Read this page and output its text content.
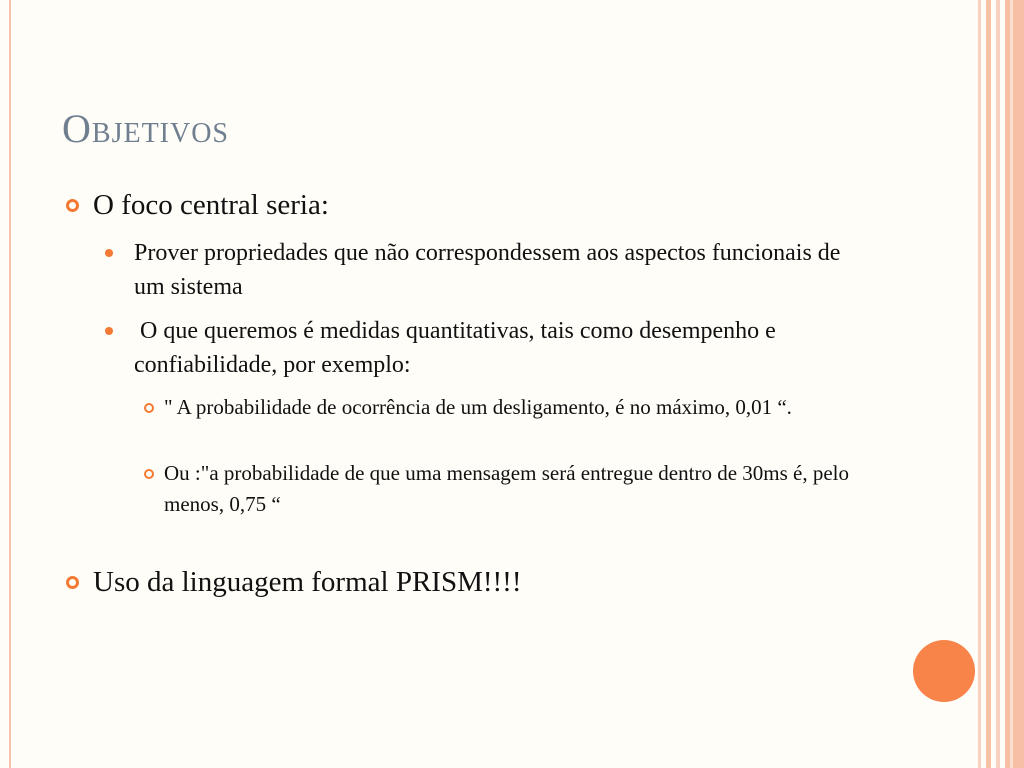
Objetivos
O foco central seria:
Prover propriedades que não correspondessem aos aspectos funcionais de um sistema
O que queremos é medidas quantitativas, tais como desempenho e confiabilidade, por exemplo:
" A probabilidade de ocorrência de um desligamento, é no máximo, 0,01 “.
Ou :"a probabilidade de que uma mensagem será entregue dentro de 30ms é, pelo menos, 0,75 “
Uso da linguagem formal PRISM!!!!
